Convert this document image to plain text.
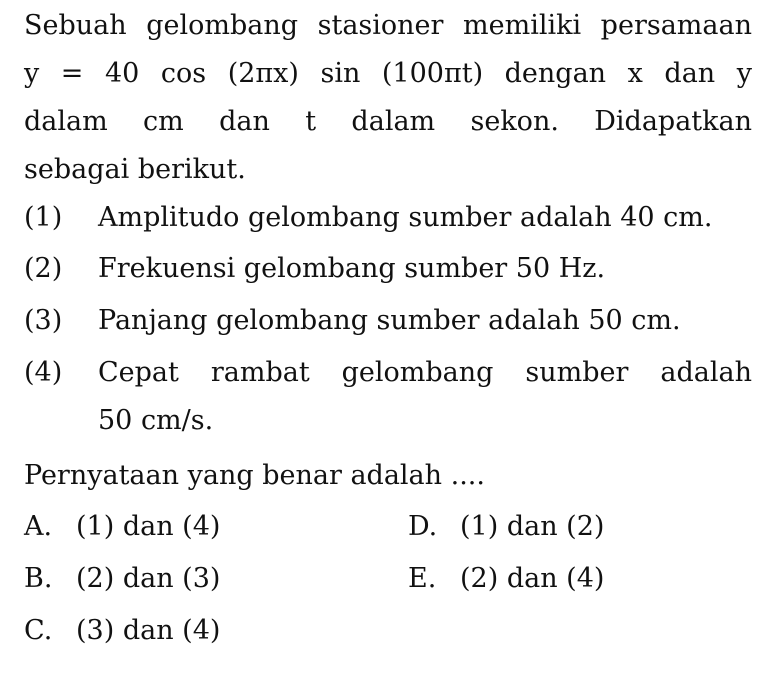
Sebuah gelombang stasioner memiliki persamaan
y = 40 cos (2πx) sin (100πt) dengan x dan y
dalam cm dan t dalam sekon. Didapatkan
sebagai berikut.
(1) Amplitudo gelombang sumber adalah 40 cm.
(2) Frekuensi gelombang sumber 50 Hz.
(3) Panjang gelombang sumber adalah 50 cm.
(4) Cepat rambat gelombang sumber adalah
50 cm/s.
Pernyataan yang benar adalah ....
A. (1) dan (4)
B. (2) dan (3)
C. (3) dan (4)
D. (1) dan (2)
E. (2) dan (4)
